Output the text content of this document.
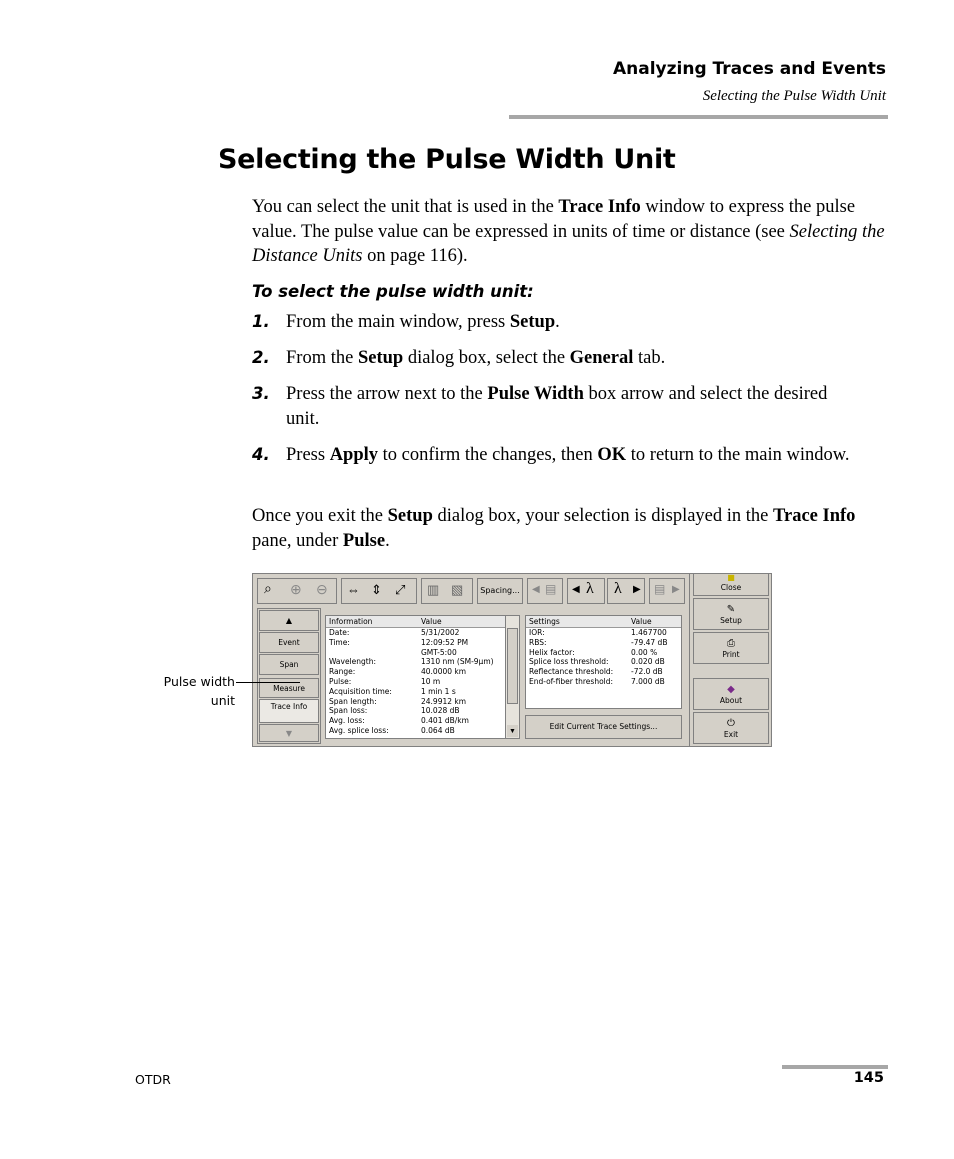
Analyzing Traces and Events
Selecting the Pulse Width Unit
Selecting the Pulse Width Unit
You can select the unit that is used in the Trace Info window to express the pulse value. The pulse value can be expressed in units of time or distance (see Selecting the Distance Units on page 116).
To select the pulse width unit:
1. From the main window, press Setup.
2. From the Setup dialog box, select the General tab.
3. Press the arrow next to the Pulse Width box arrow and select the desired unit.
4. Press Apply to confirm the changes, then OK to return to the main window.
Once you exit the Setup dialog box, your selection is displayed in the Trace Info pane, under Pulse.
⌕ ⊕ ⊖ ⇔ ⇕ ⤢ ▥ ▧	Spacing...	◀ ▤ ◀ λ λ ▶ ▤ ▶
▲
Event
Span
Measure
Trace Info
▼
Information	Value
Date:	5/31/2002
Time:	12:09:52 PM
GMT-5:00
Wavelength:	1310 nm (SM-9µm)
Range:	40.0000 km
Pulse:	10 m
Acquisition time:	1 min 1 s
Span length:	24.9912 km
Span loss:	10.028 dB
Avg. loss:	0.401 dB/km
Avg. splice loss:	0.064 dB	▼
Settings	Value
IOR:	1.467700
RBS:	-79.47 dB
Helix factor:	0.00 %
Splice loss threshold:	0.020 dB
Reflectance threshold: -72.0 dB
End-of-fiber threshold: 7.000 dB
Edit Current Trace Settings...
■
Close
✎
Setup
⎙
Print
◆
About
⏻
Exit
Pulse width unit
OTDR	145
